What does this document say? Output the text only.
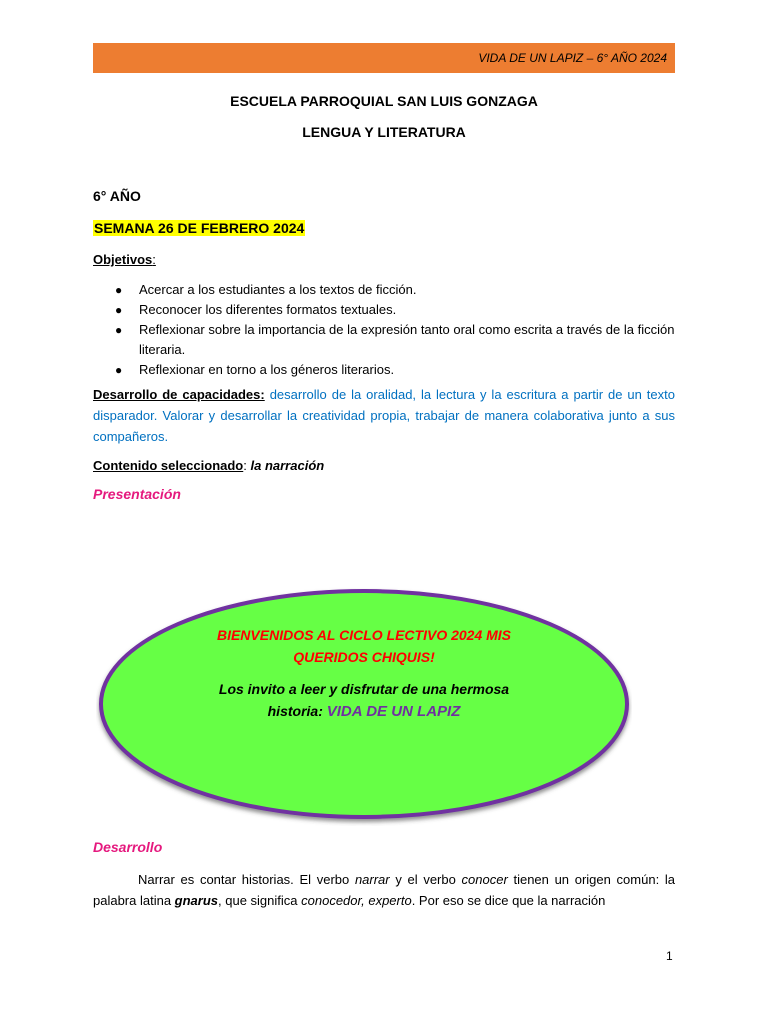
VIDA DE UN LAPIZ – 6° AÑO 2024
ESCUELA PARROQUIAL SAN LUIS GONZAGA
LENGUA Y LITERATURA
6° AÑO
SEMANA 26 DE FEBRERO 2024
Objetivos:
● Acercar a los estudiantes a los textos de ficción.
● Reconocer los diferentes formatos textuales.
● Reflexionar sobre la importancia de la expresión tanto oral como escrita a través de la ficción literaria.
● Reflexionar en torno a los géneros literarios.
Desarrollo de capacidades: desarrollo de la oralidad, la lectura y la escritura a partir de un texto disparador. Valorar y desarrollar la creatividad propia, trabajar de manera colaborativa junto a sus compañeros.
Contenido seleccionado: la narración
Presentación
BIENVENIDOS AL CICLO LECTIVO 2024 MIS
QUERIDOS CHIQUIS!
Los invito a leer y disfrutar de una hermosa
historia: VIDA DE UN LAPIZ
Desarrollo
Narrar es contar historias. El verbo narrar y el verbo conocer tienen un origen común: la palabra latina gnarus, que significa conocedor, experto. Por eso se dice que la narración
1
